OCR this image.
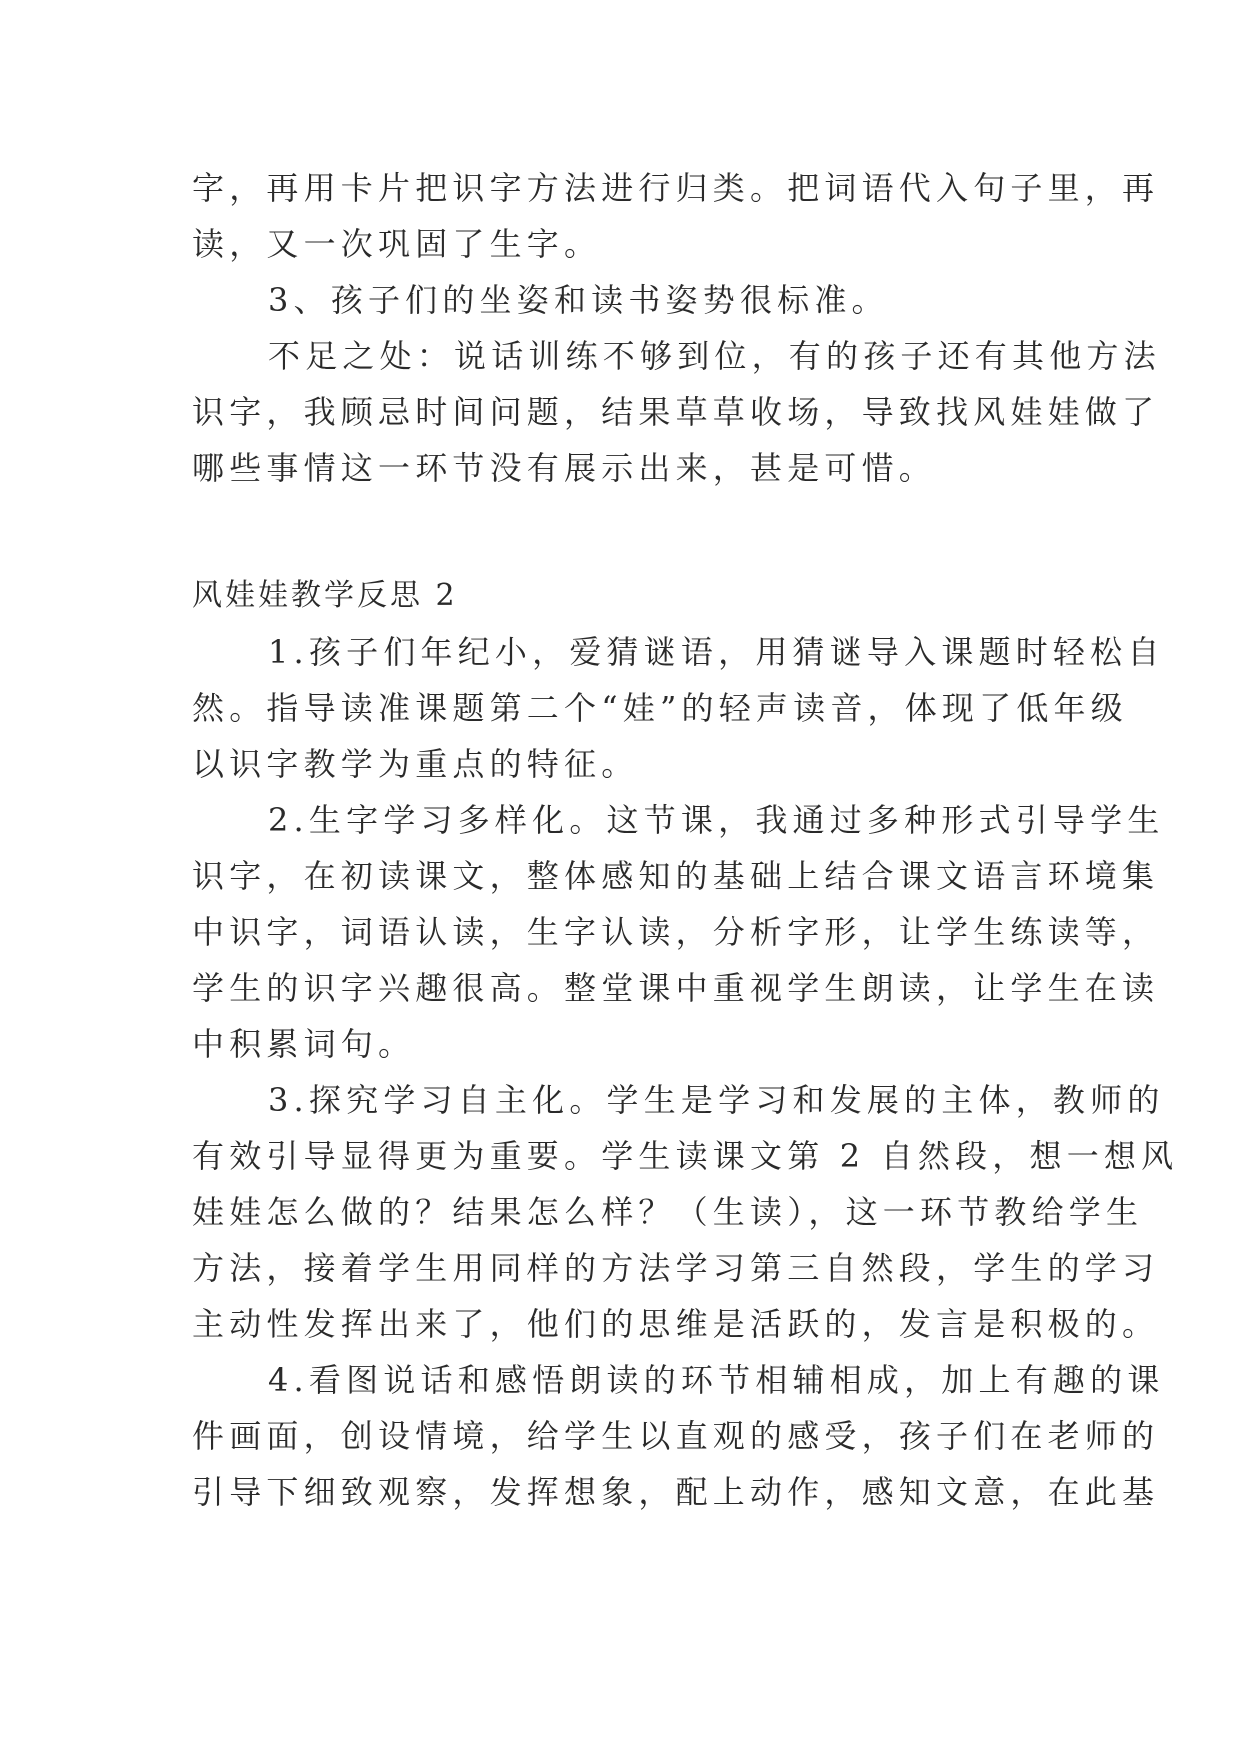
字，再用卡片把识字方法进行归类。把词语代入句子里，再
读，又一次巩固了生字。
3、孩子们的坐姿和读书姿势很标准。
不足之处：说话训练不够到位，有的孩子还有其他方法
识字，我顾忌时间问题，结果草草收场，导致找风娃娃做了
哪些事情这一环节没有展示出来，甚是可惜。
风娃娃教学反思 2
1.孩子们年纪小，爱猜谜语，用猜谜导入课题时轻松自
然。指导读准课题第二个“娃”的轻声读音，体现了低年级
以识字教学为重点的特征。
2.生字学习多样化。这节课，我通过多种形式引导学生
识字，在初读课文，整体感知的基础上结合课文语言环境集
中识字，词语认读，生字认读，分析字形，让学生练读等，
学生的识字兴趣很高。整堂课中重视学生朗读，让学生在读
中积累词句。
3.探究学习自主化。学生是学习和发展的主体，教师的
有效引导显得更为重要。学生读课文第 2 自然段，想一想风
娃娃怎么做的？结果怎么样？（生读），这一环节教给学生
方法，接着学生用同样的方法学习第三自然段，学生的学习
主动性发挥出来了，他们的思维是活跃的，发言是积极的。
4.看图说话和感悟朗读的环节相辅相成，加上有趣的课
件画面，创设情境，给学生以直观的感受，孩子们在老师的
引导下细致观察，发挥想象，配上动作，感知文意，在此基
